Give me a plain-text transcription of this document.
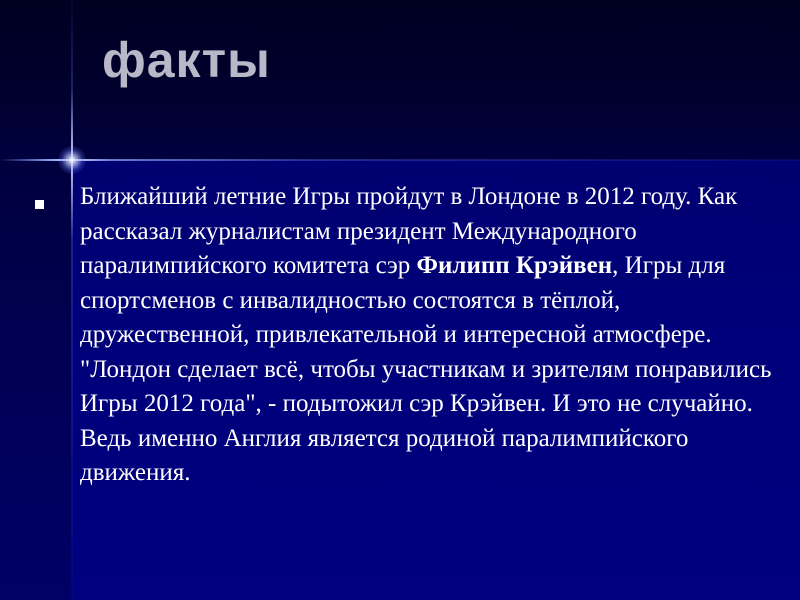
факты

Ближайший летние Игры пройдут в Лондоне в 2012 году. Как рассказал журналистам президент Международного паралимпийского комитета сэр Филипп Крэйвен, Игры для спортсменов с инвалидностью состоятся в тёплой, дружественной, привлекательной и интересной атмосфере. "Лондон сделает всё, чтобы участникам и зрителям понравились Игры 2012 года", - подытожил сэр Крэйвен. И это не случайно. Ведь именно Англия является родиной паралимпийского движения.
